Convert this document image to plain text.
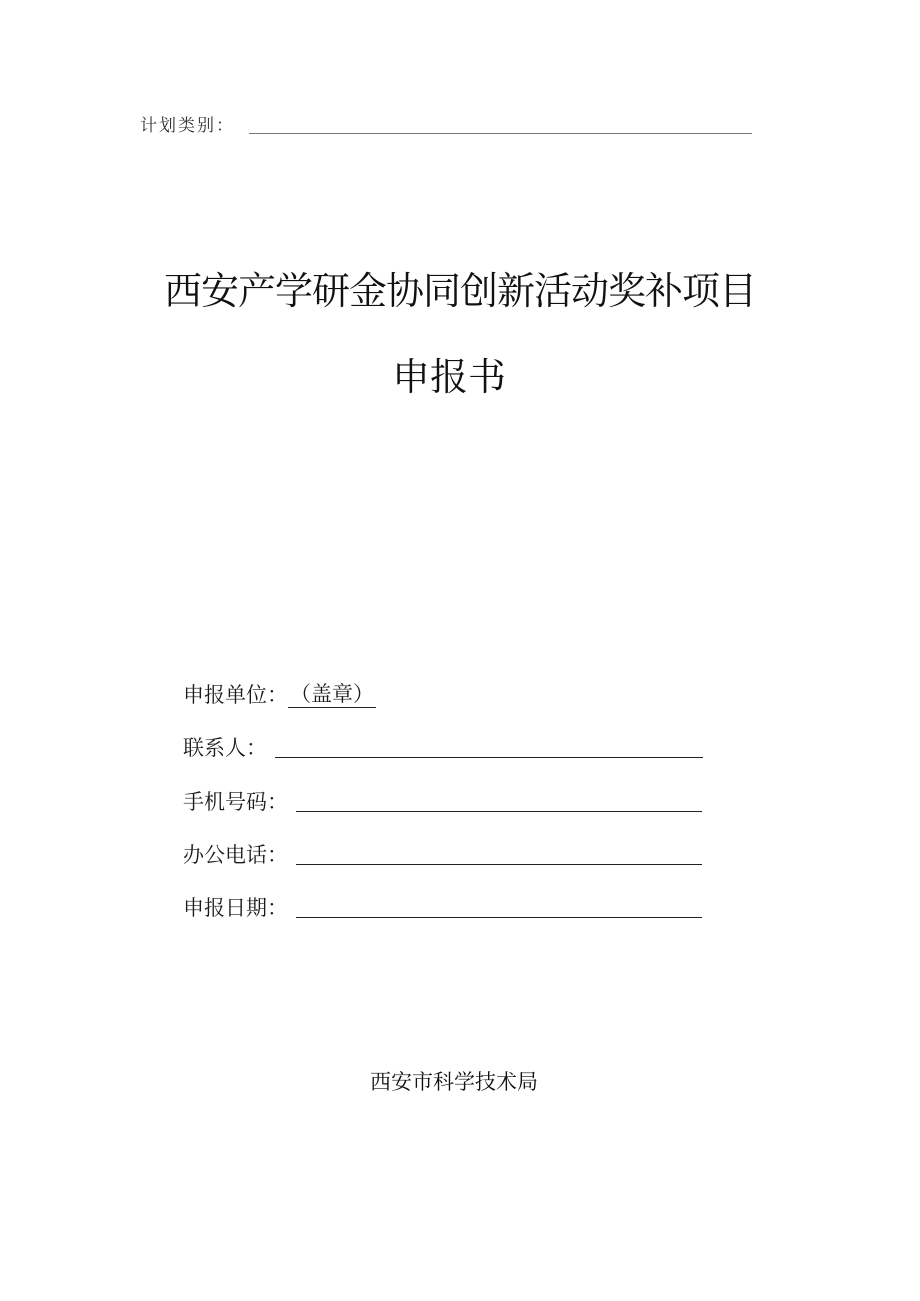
计划类别：
西安产学研金协同创新活动奖补项目
申报书
申报单位： （盖章）
联系人：
手机号码：
办公电话：
申报日期：
西安市科学技术局
